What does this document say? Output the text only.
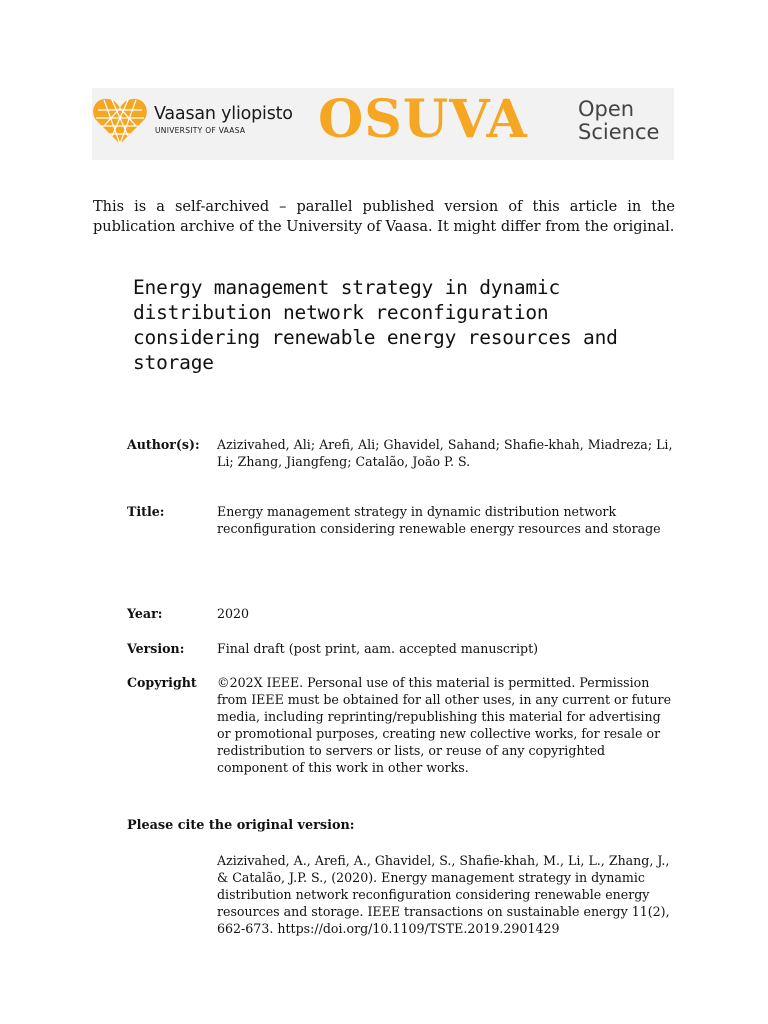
Vaasan yliopisto
UNIVERSITY OF VAASA OSUVA Open
Science
This is a self-archived – parallel published version of this article in the publication archive of the University of Vaasa. It might differ from the original.
Energy management strategy in dynamic distribution network reconfiguration considering renewable energy resources and storage
Author(s): Azizivahed, Ali; Arefi, Ali; Ghavidel, Sahand; Shafie-khah, Miadreza; Li, Li; Zhang, Jiangfeng; Catalão, João P. S.
Title:	Energy management strategy in dynamic distribution network reconfiguration considering renewable energy resources and storage
Year:	2020
Version:	Final draft (post print, aam. accepted manuscript)
Copyright ©202X IEEE. Personal use of this material is permitted. Permission from IEEE must be obtained for all other uses, in any current or future media, including reprinting/republishing this material for advertising or promotional purposes, creating new collective works, for resale or redistribution to servers or lists, or reuse of any copyrighted component of this work in other works.
Please cite the original version:
Azizivahed, A., Arefi, A., Ghavidel, S., Shafie-khah, M., Li, L., Zhang, J., & Catalão, J.P. S., (2020). Energy management strategy in dynamic distribution network reconfiguration considering renewable energy resources and storage. IEEE transactions on sustainable energy 11(2), 662-673. https://doi.org/10.1109/TSTE.2019.2901429
